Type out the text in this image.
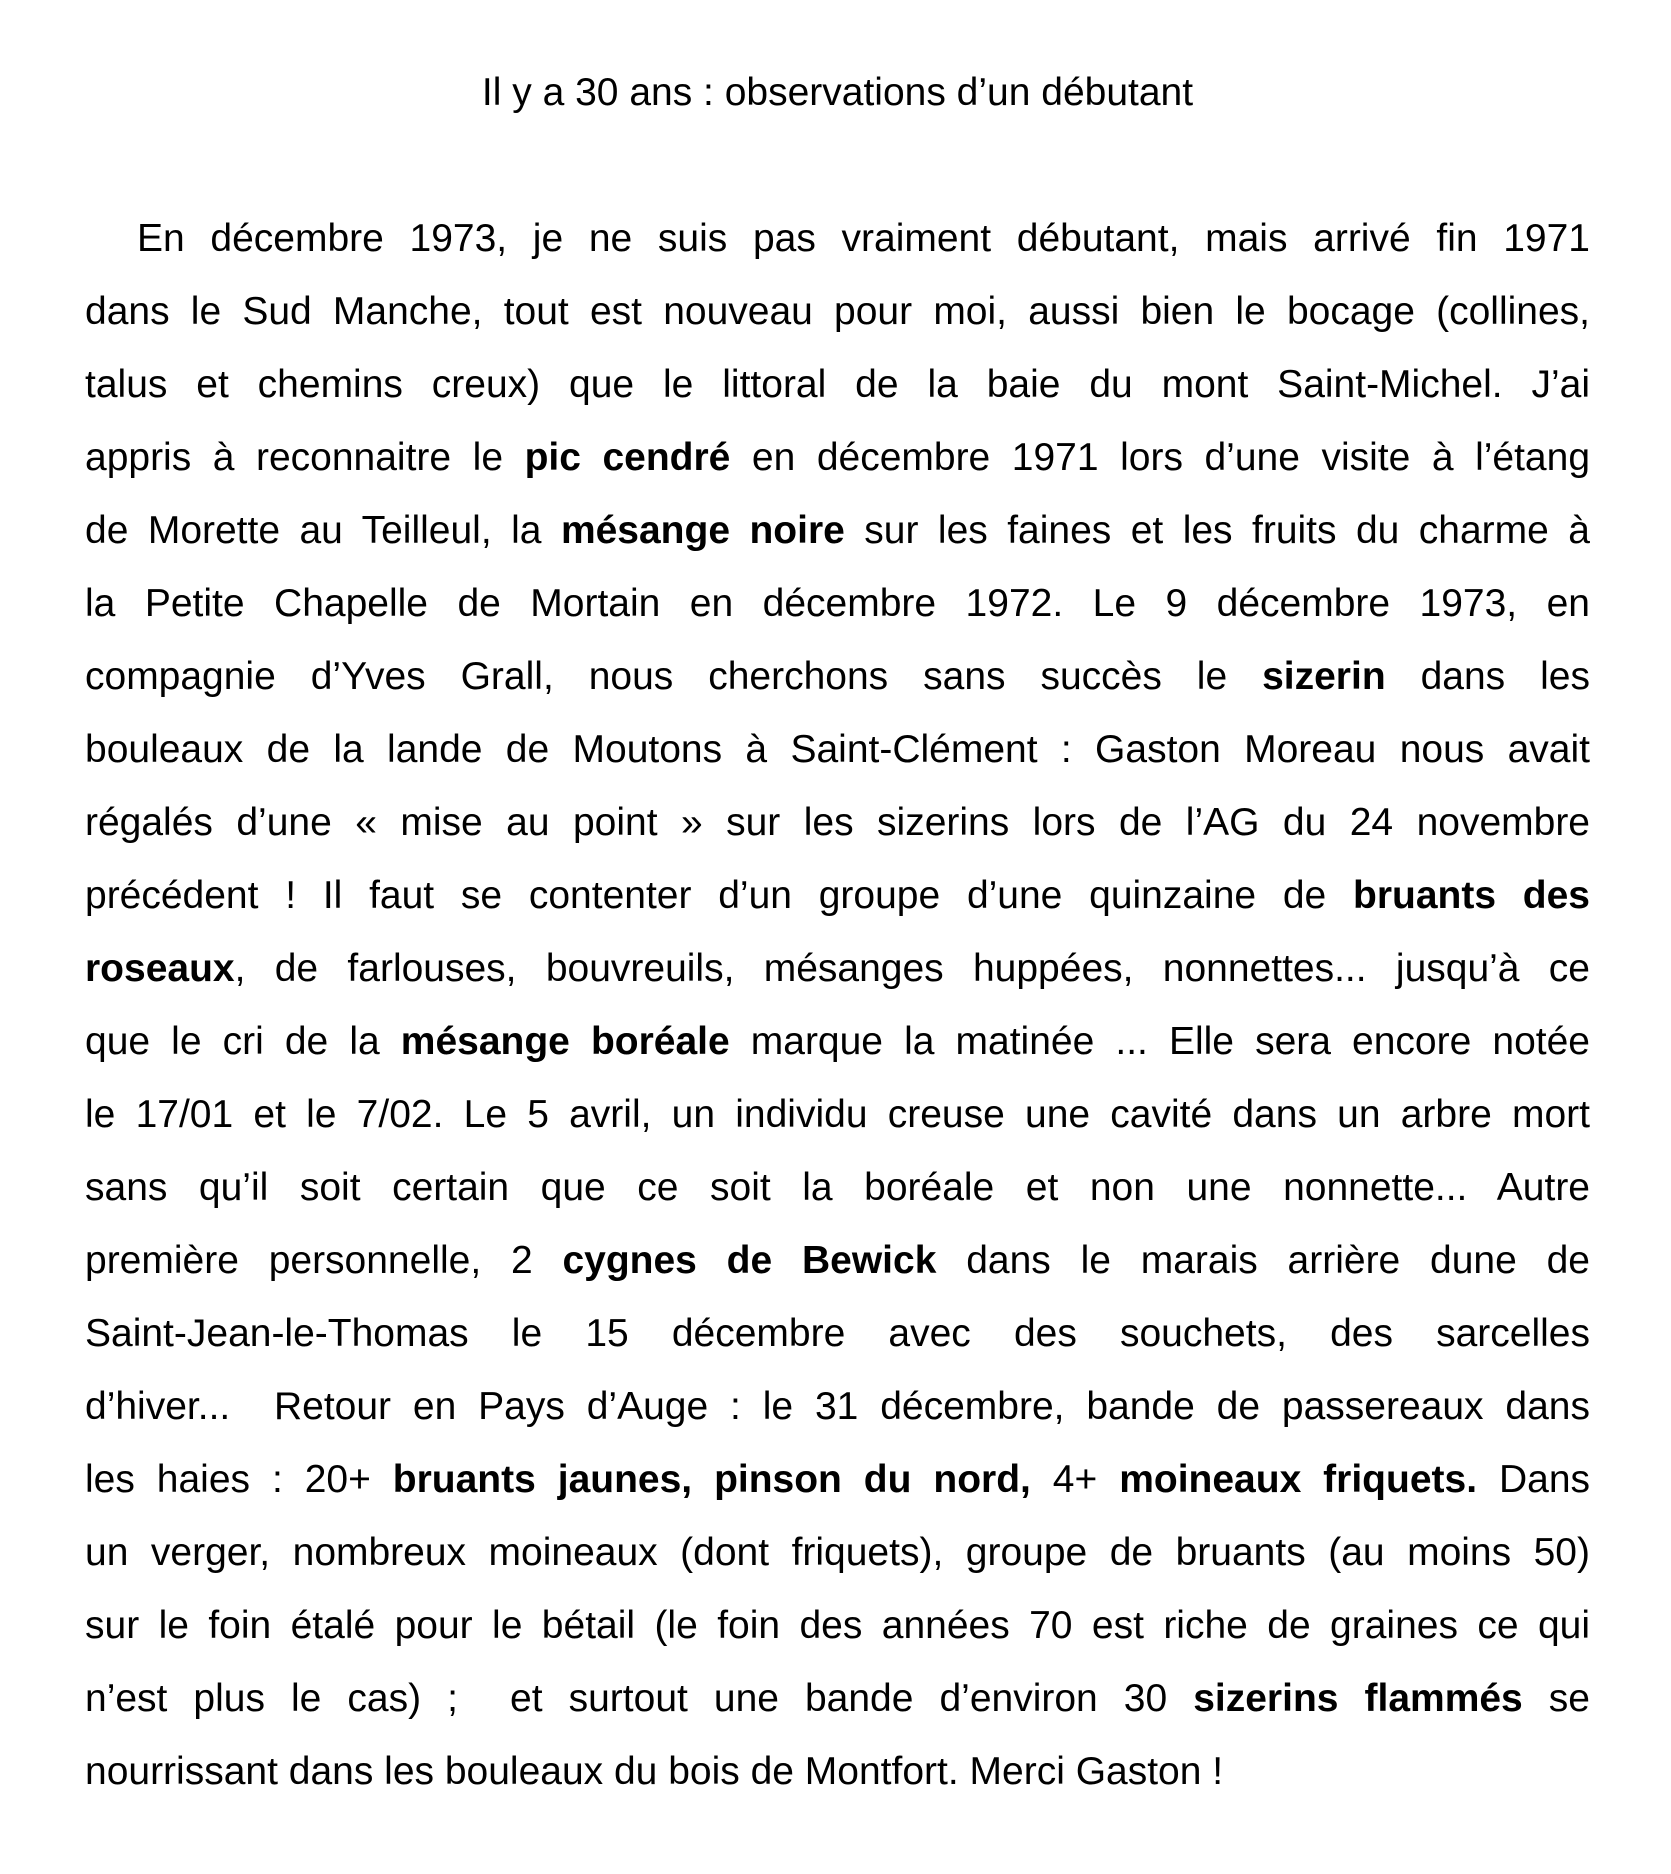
Il y a 30 ans : observations d’un débutant
En décembre 1973, je ne suis pas vraiment débutant, mais arrivé fin 1971
dans le Sud Manche, tout est nouveau pour moi, aussi bien le bocage (collines,
talus et chemins creux) que le littoral de la baie du mont Saint-Michel. J’ai
appris à reconnaitre le pic cendré en décembre 1971 lors d’une visite à l’étang
de Morette au Teilleul, la mésange noire sur les faines et les fruits du charme à
la Petite Chapelle de Mortain en décembre 1972. Le 9 décembre 1973, en
compagnie d’Yves Grall, nous cherchons sans succès le sizerin dans les
bouleaux de la lande de Moutons à Saint-Clément : Gaston Moreau nous avait
régalés d’une « mise au point » sur les sizerins lors de l’AG du 24 novembre
précédent ! Il faut se contenter d’un groupe d’une quinzaine de bruants des
roseaux, de farlouses, bouvreuils, mésanges huppées, nonnettes... jusqu’à ce
que le cri de la mésange boréale marque la matinée ... Elle sera encore notée
le 17/01 et le 7/02. Le 5 avril, un individu creuse une cavité dans un arbre mort
sans qu’il soit certain que ce soit la boréale et non une nonnette... Autre
première personnelle, 2 cygnes de Bewick dans le marais arrière dune de
Saint-Jean-le-Thomas le 15 décembre avec des souchets, des sarcelles
d’hiver...  Retour en Pays d’Auge : le 31 décembre, bande de passereaux dans
les haies : 20+ bruants jaunes, pinson du nord, 4+ moineaux friquets. Dans
un verger, nombreux moineaux (dont friquets), groupe de bruants (au moins 50)
sur le foin étalé pour le bétail (le foin des années 70 est riche de graines ce qui
n’est plus le cas) ;  et surtout une bande d’environ 30 sizerins flammés se
nourrissant dans les bouleaux du bois de Montfort. Merci Gaston !
